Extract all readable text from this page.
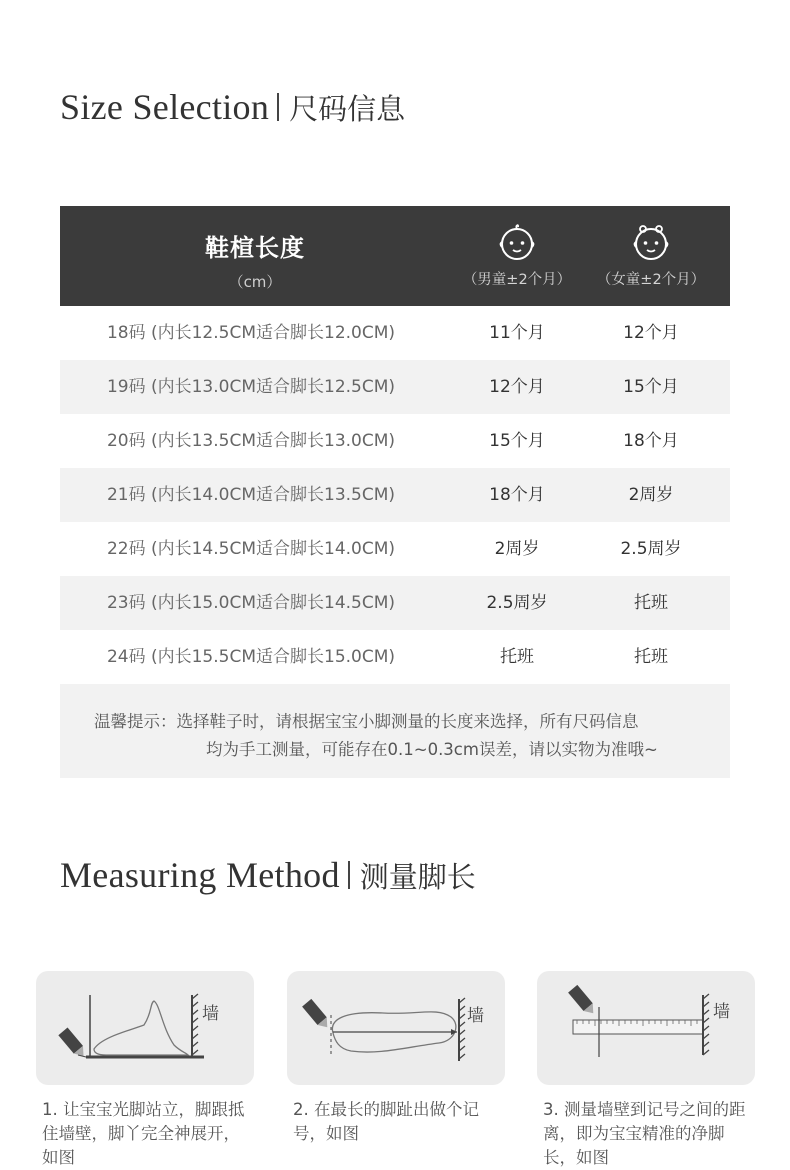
Size Selection 尺码信息
鞋楦长度
（cm）	（男童±2个月）	（女童±2个月）
18码 (内长12.5CM适合脚长12.0CM)	11个月	12个月
19码 (内长13.0CM适合脚长12.5CM)	12个月	15个月
20码 (内长13.5CM适合脚长13.0CM)	15个月	18个月
21码 (内长14.0CM适合脚长13.5CM)	18个月	2周岁
22码 (内长14.5CM适合脚长14.0CM)	2周岁	2.5周岁
23码 (内长15.0CM适合脚长14.5CM)	2.5周岁	托班
24码 (内长15.5CM适合脚长15.0CM)	托班	托班
温馨提示：选择鞋子时，请根据宝宝小脚测量的长度来选择，所有尺码信息
均为手工测量，可能存在0.1~0.3cm误差，请以实物为准哦~
Measuring Method 测量脚长
墙
1. 让宝宝光脚站立，脚跟抵住墙壁，脚丫完全神展开，如图
墙
2. 在最长的脚趾出做个记号，如图
墙
3. 测量墙壁到记号之间的距离，即为宝宝精准的净脚长，如图
